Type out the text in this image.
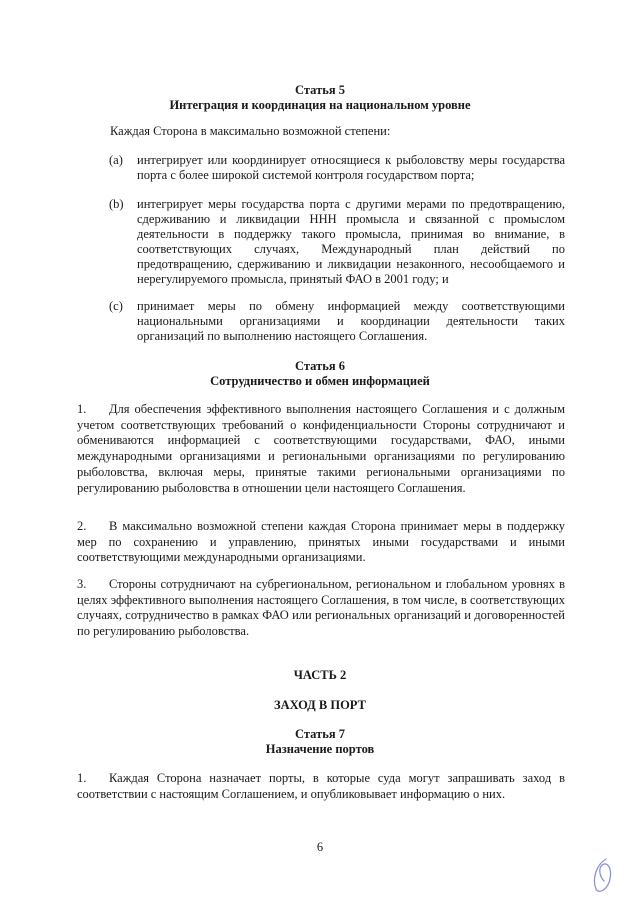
Статья 5
Интеграция и координация на национальном уровне

Каждая Сторона в максимально возможной степени:

(a) интегрирует или координирует относящиеся к рыболовству меры государства порта с более широкой системой контроля государством порта;

(b) интегрирует меры государства порта с другими мерами по предотвращению, сдерживанию и ликвидации ННН промысла и связанной с промыслом деятельности в поддержку такого промысла, принимая во внимание, в соответствующих случаях, Международный план действий по предотвращению, сдерживанию и ликвидации незаконного, несообщаемого и нерегулируемого промысла, принятый ФАО в 2001 году; и

(c) принимает меры по обмену информацией между соответствующими национальными организациями и координации деятельности таких организаций по выполнению настоящего Соглашения.

Статья 6
Сотрудничество и обмен информацией

1. Для обеспечения эффективного выполнения настоящего Соглашения и с должным учетом соответствующих требований о конфиденциальности Стороны сотрудничают и обмениваются информацией с соответствующими государствами, ФАО, иными международными организациями и региональными организациями по регулированию рыболовства, включая меры, принятые такими региональными организациями по регулированию рыболовства в отношении цели настоящего Соглашения.

2. В максимально возможной степени каждая Сторона принимает меры в поддержку мер по сохранению и управлению, принятых иными государствами и иными соответствующими международными организациями.

3. Стороны сотрудничают на субрегиональном, региональном и глобальном уровнях в целях эффективного выполнения настоящего Соглашения, в том числе, в соответствующих случаях, сотрудничество в рамках ФАО или региональных организаций и договоренностей по регулированию рыболовства.

ЧАСТЬ 2
ЗАХОД В ПОРТ
Статья 7
Назначение портов

1. Каждая Сторона назначает порты, в которые суда могут запрашивать заход в соответствии с настоящим Соглашением, и опубликовывает информацию о них.

6
